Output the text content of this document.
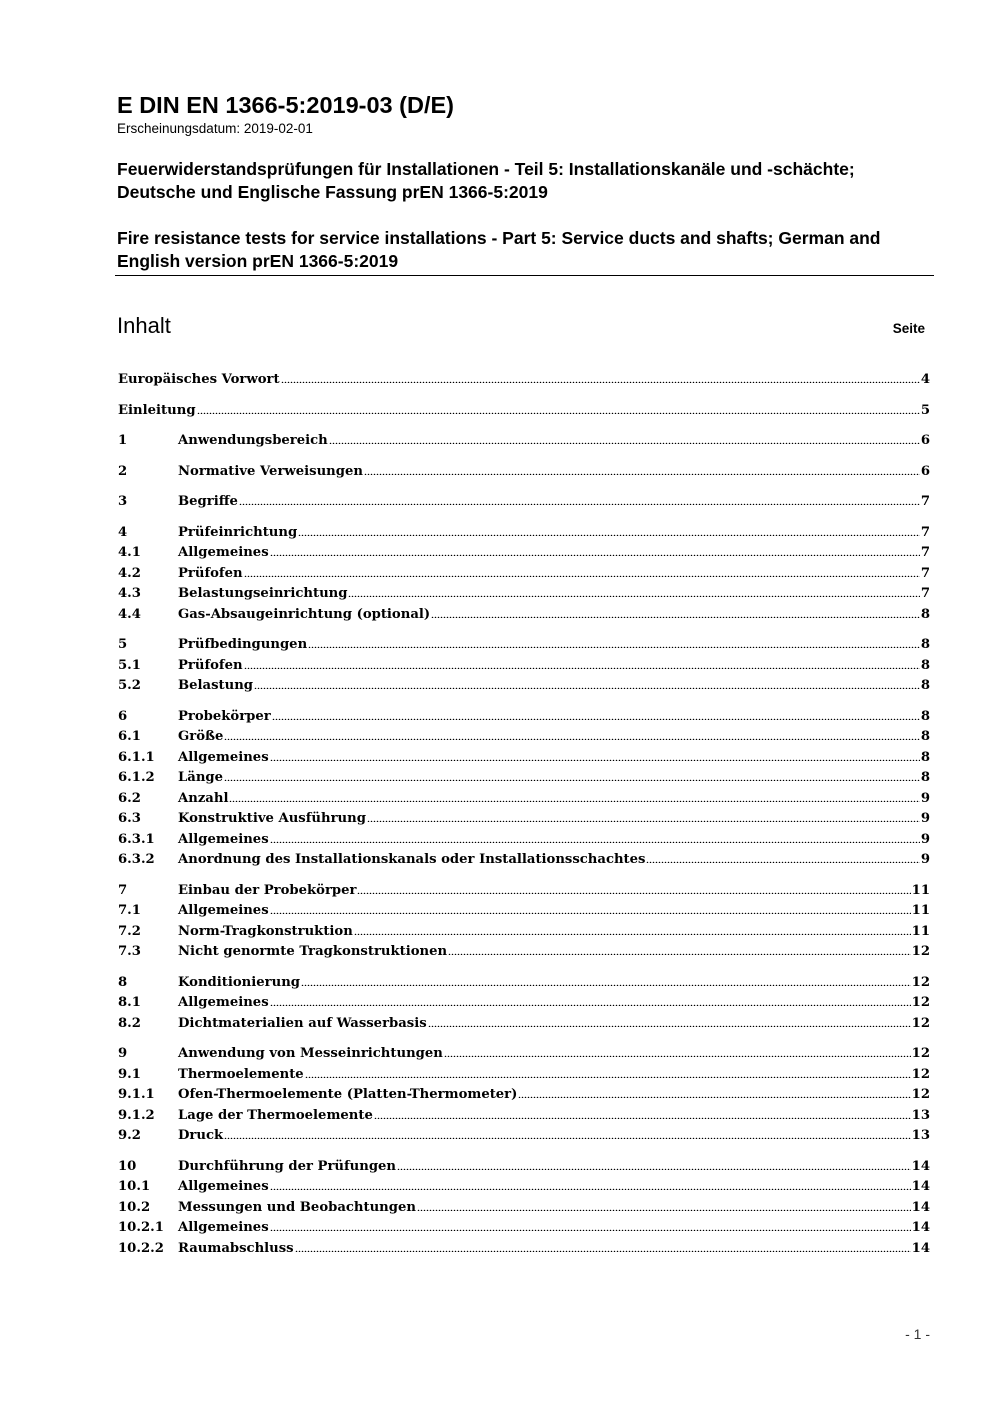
E DIN EN 1366-5:2019-03 (D/E)

Erscheinungsdatum: 2019-02-01

Feuerwiderstandsprüfungen für Installationen - Teil 5: Installationskanäle und -schächte; Deutsche und Englische Fassung prEN 1366-5:2019

Fire resistance tests for service installations - Part 5: Service ducts and shafts; German and English version prEN 1366-5:2019

Inhalt	Seite
Europäisches Vorwort	4
Einleitung	5
1	Anwendungsbereich	6
2	Normative Verweisungen	6
3	Begriffe	7
4	Prüfeinrichtung	7
4.1	Allgemeines	7
4.2	Prüfofen	7
4.3	Belastungseinrichtung	7
4.4	Gas-Absaugeinrichtung (optional)	8
5	Prüfbedingungen	8
5.1	Prüfofen	8
5.2	Belastung	8
6	Probekörper	8
6.1	Größe	8
6.1.1	Allgemeines	8
6.1.2	Länge	8
6.2	Anzahl	9
6.3	Konstruktive Ausführung	9
6.3.1	Allgemeines	9
6.3.2	Anordnung des Installationskanals oder Installationsschachtes	9
7	Einbau der Probekörper	11
7.1	Allgemeines	11
7.2	Norm-Tragkonstruktion	11
7.3	Nicht genormte Tragkonstruktionen	12
8	Konditionierung	12
8.1	Allgemeines	12
8.2	Dichtmaterialien auf Wasserbasis	12
9	Anwendung von Messeinrichtungen	12
9.1	Thermoelemente	12
9.1.1	Ofen-Thermoelemente (Platten-Thermometer)	12
9.1.2	Lage der Thermoelemente	13
9.2	Druck	13
10	Durchführung der Prüfungen	14
10.1	Allgemeines	14
10.2	Messungen und Beobachtungen	14
10.2.1	Allgemeines	14
10.2.2	Raumabschluss	14
- 1 -
